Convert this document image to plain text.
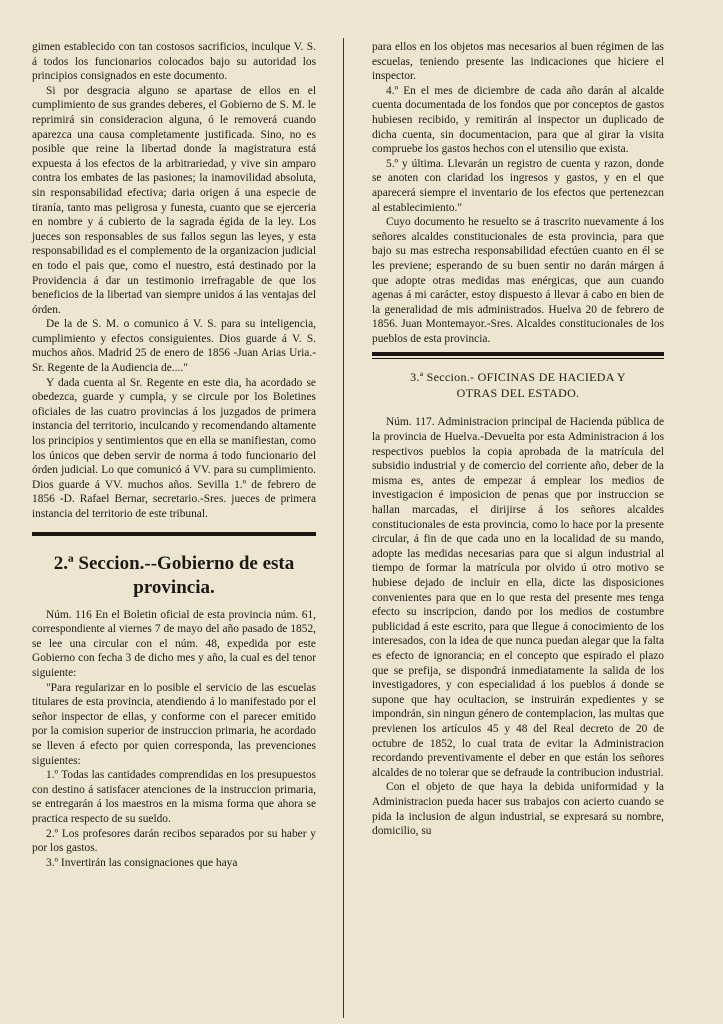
gimen establecido con tan costosos sacrificios, inculque V. S. á todos los funcionarios colocados bajo su autoridad los principios consignados en este documento.

Si por desgracia alguno se apartase de ellos en el cumplimiento de sus grandes deberes, el Gobierno de S. M. le reprimirá sin consideracion alguna, ó le removerá cuando aparezca una causa completamente justificada. Sino, no es posible que reine la libertad donde la magistratura está expuesta á los efectos de la arbitrariedad, y vive sin amparo contra los embates de las pasiones; la inamovilidad absoluta, sin responsabilidad efectiva; daria origen á una especie de tiranía, tanto mas peligrosa y funesta, cuanto que se ejerceria en nombre y á cubierto de la sagrada égida de la ley. Los jueces son responsables de sus fallos segun las leyes, y esta responsabilidad es el complemento de la organizacion judicial en todo el pais que, como el nuestro, está destinado por la Providencia á dar un testimonio irrefragable de que los beneficios de la libertad van siempre unidos á las ventajas del órden.

De la de S. M. o comunico á V. S. para su inteligencia, cumplimiento y efectos consiguientes. Dios guarde á V. S. muchos años. Madrid 25 de enero de 1856 -Juan Arias Uria.-Sr. Regente de la Audiencia de...."

Y dada cuenta al Sr. Regente en este dia, ha acordado se obedezca, guarde y cumpla, y se circule por los Boletines oficiales de las cuatro provincias á los juzgados de primera instancia del territorio, inculcando y recomendando altamente los principios y sentimientos que en ella se manifiestan, como los únicos que deben servir de norma á todo funcionario del órden judicial. Lo que comunicó á VV. para su cumplimiento. Dios guarde á VV. muchos años. Sevilla 1.º de febrero de 1856 -D. Rafael Bernar, secretario.-Sres. jueces de primera instancia del territorio de este tribunal.

2.ª Seccion.--Gobierno de esta provincia.

Núm. 116 En el Boletin oficial de esta provincia núm. 61, correspondiente al viernes 7 de mayo del año pasado de 1852, se lee una circular con el núm. 48, expedida por este Gobierno con fecha 3 de dicho mes y año, la cual es del tenor siguiente:

"Para regularizar en lo posible el servicio de las escuelas titulares de esta provincia, atendiendo á lo manifestado por el señor inspector de ellas, y conforme con el parecer emitido por la comision superior de instruccion primaria, he acordado se lleven á efecto por quien corresponda, las prevenciones siguientes:

1.º Todas las cantidades comprendidas en los presupuestos con destino á satisfacer atenciones de la instruccion primaria, se entregarán á los maestros en la misma forma que ahora se practica respecto de su sueldo.

2.º Los profesores darán recibos separados por su haber y por los gastos.

3.º Invertirán las consignaciones que haya

para ellos en los objetos mas necesarios al buen régimen de las escuelas, teniendo presente las indicaciones que hiciere el inspector.

4.º En el mes de diciembre de cada año darán al alcalde cuenta documentada de los fondos que por conceptos de gastos hubiesen recibido, y remitirán al inspector un duplicado de dicha cuenta, sin documentacion, para que al girar la visita compruebe los gastos hechos con el utensilio que exista.

5.º y última. Llevarán un registro de cuenta y razon, donde se anoten con claridad los ingresos y gastos, y en el que aparecerá siempre el inventario de los efectos que pertenezcan al establecimiento."

Cuyo documento he resuelto se á trascrito nuevamente á los señores alcaldes constitucionales de esta provincia, para que bajo su mas estrecha responsabilidad efectúen cuanto en él se les previene; esperando de su buen sentir no darán márgen á que adopte otras medidas mas enérgicas, que aun cuando agenas á mi carácter, estoy dispuesto á llevar á cabo en bien de la generalidad de mis administrados. Huelva 20 de febrero de 1856. Juan Montemayor.-Sres. Alcaldes constitucionales de los pueblos de esta provincia.

3.ª Seccion.- OFICINAS DE HACIEDA Y
OTRAS DEL ESTADO.

Núm. 117. Administracion principal de Hacienda pública de la provincia de Huelva.-Devuelta por esta Administracion á los respectivos pueblos la copia aprobada de la matrícula del subsidio industrial y de comercio del corriente año, deber de la misma es, antes de empezar á emplear los medios de investigacion é imposicion de penas que por instruccion se hallan marcadas, el dirijirse á los señores alcaldes constitucionales de esta provincia, como lo hace por la presente circular, á fin de que cada uno en la localidad de su mando, adopte las medidas necesarias para que si algun industrial al tiempo de formar la matrícula por olvido ú otro motivo se hubiese dejado de incluir en ella, dicte las disposiciones convenientes para que en lo que resta del presente mes tenga efecto su inscripcion, dando por los medios de costumbre publicidad á este escrito, para que llegue á conocimiento de los interesados, con la idea de que nunca puedan alegar que la falta es efecto de ignorancia; en el concepto que espirado el plazo que se prefija, se dispondrá inmediatamente la salida de los investigadores, y con especialidad á los pueblos á donde se supone que hay ocultacion, se instruirán expedientes y se impondrán, sin ningun género de contemplacion, las multas que previenen los artículos 45 y 48 del Real decreto de 20 de octubre de 1852, lo cual trata de evitar la Administracion recordando preventivamente el deber en que están los señores alcaldes de no tolerar que se defraude la contribucion industrial.

Con el objeto de que haya la debida uniformidad y la Administracion pueda hacer sus trabajos con acierto cuando se pida la inclusion de algun industrial, se expresará su nombre, domicilio, su
